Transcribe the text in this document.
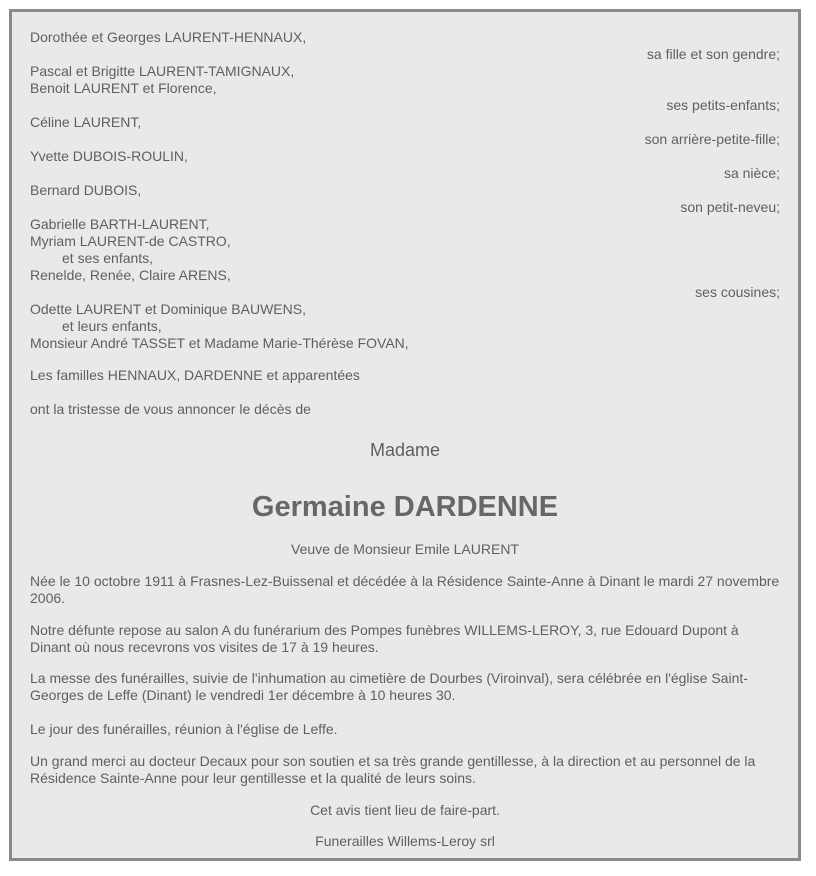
Dorothée et Georges LAURENT-HENNAUX,
sa fille et son gendre;
Pascal et Brigitte LAURENT-TAMIGNAUX,
Benoit LAURENT et Florence,
ses petits-enfants;
Céline LAURENT,
son arrière-petite-fille;
Yvette DUBOIS-ROULIN,
sa nièce;
Bernard DUBOIS,
son petit-neveu;
Gabrielle BARTH-LAURENT,
Myriam LAURENT-de CASTRO,
et ses enfants,
Renelde, Renée, Claire ARENS,
ses cousines;
Odette LAURENT et Dominique BAUWENS,
et leurs enfants,
Monsieur André TASSET et Madame Marie-Thérèse FOVAN,
Les familles HENNAUX, DARDENNE et apparentées
ont la tristesse de vous annoncer le décès de
Madame
Germaine DARDENNE
Veuve de Monsieur Emile LAURENT
Née le 10 octobre 1911 à Frasnes-Lez-Buissenal et décédée à la Résidence Sainte-Anne à Dinant le mardi 27 novembre 2006.
Notre défunte repose au salon A du funérarium des Pompes funèbres WILLEMS-LEROY, 3, rue Edouard Dupont à Dinant où nous recevrons vos visites de 17 à 19 heures.
La messe des funérailles, suivie de l'inhumation au cimetière de Dourbes (Viroinval), sera célébrée en l'église Saint-Georges de Leffe (Dinant) le vendredi 1er décembre à 10 heures 30.
Le jour des funérailles, réunion à l'église de Leffe.
Un grand merci au docteur Decaux pour son soutien et sa très grande gentillesse, à la direction et au personnel de la Résidence Sainte-Anne pour leur gentillesse et la qualité de leurs soins.
Cet avis tient lieu de faire-part.
Funerailles Willems-Leroy srl
